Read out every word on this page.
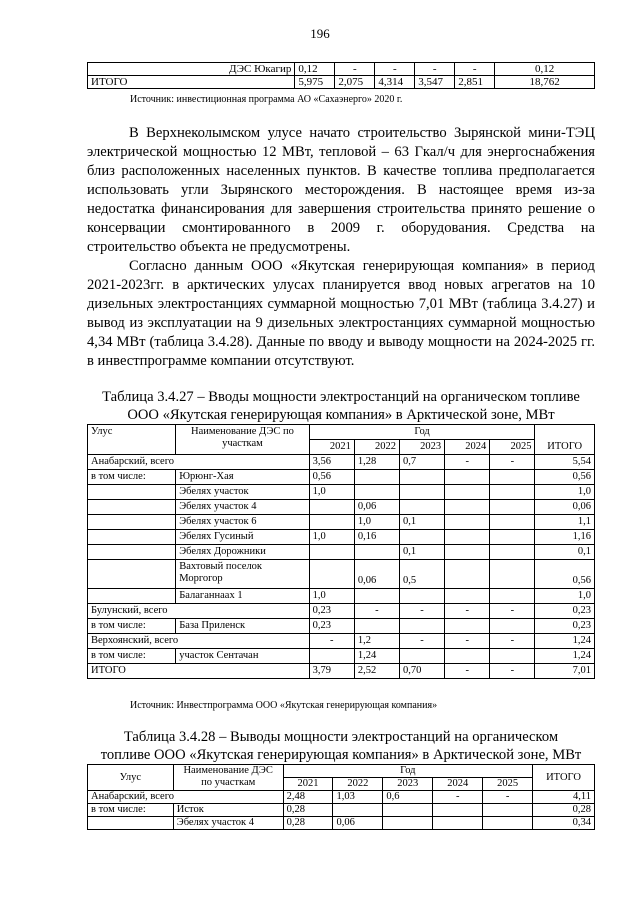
196
ДЭС Юкагир	0,12	-	-	-	-	0,12
ИТОГО	5,975	2,075	4,314	3,547	2,851	18,762
Источник: инвестиционная программа АО «Сахаэнерго» 2020 г.

В Верхнеколымском улусе начато строительство Зырянской мини-ТЭЦ электрической мощностью 12 МВт, тепловой – 63 Гкал/ч для энергоснабжения близ расположенных населенных пунктов. В качестве топлива предполагается использовать угли Зырянского месторождения. В настоящее время из-за недостатка финансирования для завершения строительства принято решение о консервации смонтированного в 2009 г. оборудования. Средства на строительство объекта не предусмотрены.

Согласно данным ООО «Якутская генерирующая компания» в период 2021-2023гг. в арктических улусах планируется ввод новых агрегатов на 10 дизельных электростанциях суммарной мощностью 7,01 МВт (таблица 3.4.27) и вывод из эксплуатации на 9 дизельных электростанциях суммарной мощностью 4,34 МВт (таблица 3.4.28). Данные по вводу и выводу мощности на 2024-2025 гг. в инвестпрограмме компании отсутствуют.

Таблица 3.4.27 – Вводы мощности электростанций на органическом топливе
ООО «Якутская генерирующая компания» в Арктической зоне, МВт
Улус	Наименование ДЭС по участкам	Год					ИТОГО
		2021	2022	2023	2024	2025	
Анабарский, всего		3,56	1,28	0,7	-	-	5,54
в том числе:	Юрюнг-Хая	0,56					0,56
	Эбелях участок	1,0					1,0
	Эбелях участок 4		0,06				0,06
	Эбелях участок 6		1,0	0,1			1,1
	Эбелях Гусиный	1,0	0,16				1,16
	Эбелях Дорожники			0,1			0,1
	Вахтовый поселок Моргогор		0,06	0,5			0,56
	Балаганнаах 1	1,0					1,0
Булунский, всего		0,23	-	-	-	-	0,23
в том числе:	База Приленск	0,23					0,23
Верхоянский, всего		-	1,2	-	-	-	1,24
в том числе:	участок Сентачан		1,24				1,24
ИТОГО		3,79	2,52	0,70	-	-	7,01
Источник: Инвестпрограмма ООО «Якутская генерирующая компания»
Таблица 3.4.28 – Выводы мощности электростанций на органическом
топливе ООО «Якутская генерирующая компания» в Арктической зоне, МВт
Улус	Наименование ДЭС по участкам	Год					ИТОГО
		2021	2022	2023	2024	2025	
Анабарский, всего		2,48	1,03	0,6	-	-	4,11
в том числе:	Исток	0,28					0,28
	Эбелях участок 4	0,28	0,06				0,34
